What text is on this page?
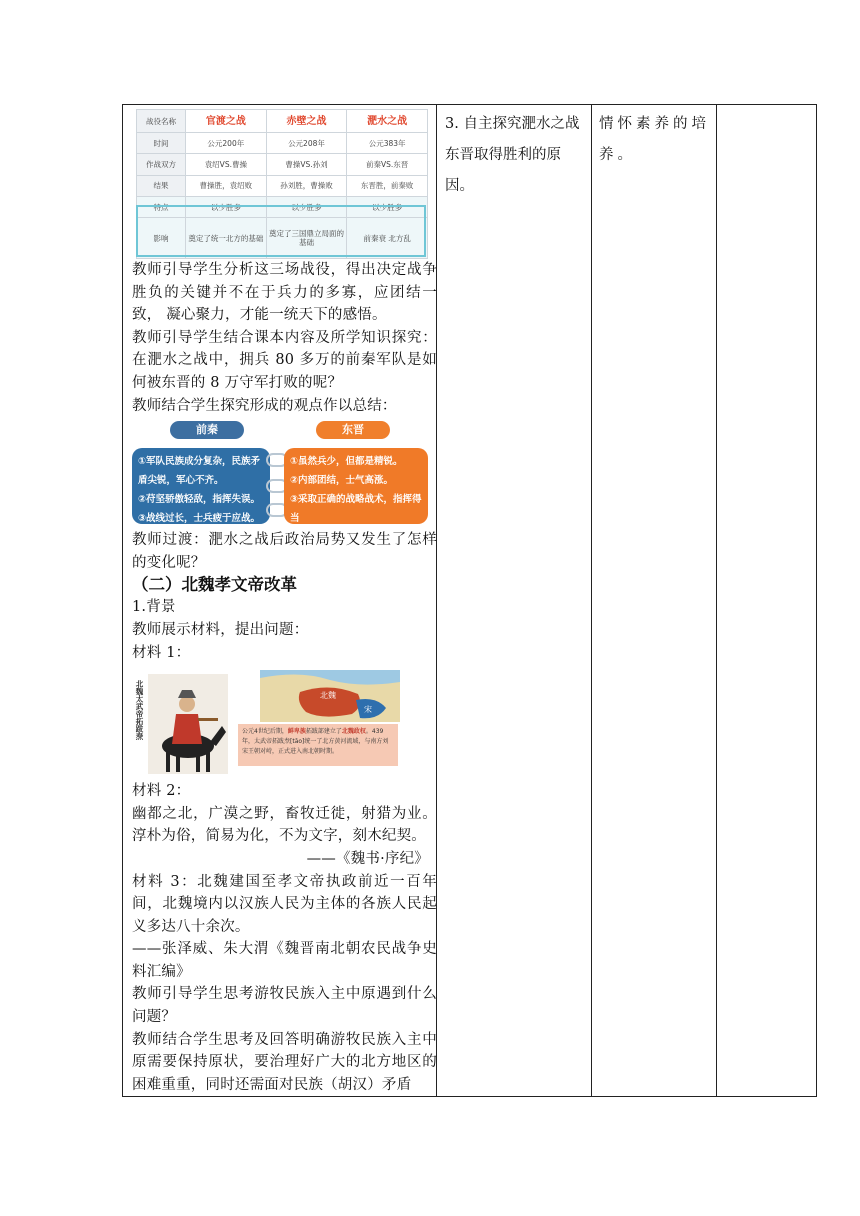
战役名称	官渡之战	赤壁之战	淝水之战
时间	公元200年	公元208年	公元383年
作战双方	袁绍VS.曹操	曹操VS.孙刘	前秦VS.东晋
结果	曹操胜，袁绍败	孙刘胜，曹操败	东晋胜，前秦败
特点	以少胜多	以少胜多	以少胜多
影响	奠定了统一北方的基础	奠定了三国鼎立局面的基础	前秦衰 北方乱

教师引导学生分析这三场战役，得出决定战争胜负的关键并不在于兵力的多寡，应团结一致， 凝心聚力，才能一统天下的感悟。

教师引导学生结合课本内容及所学知识探究：在淝水之战中，拥兵 80 多万的前秦军队是如何被东晋的 8 万守军打败的呢？

教师结合学生探究形成的观点作以总结：

前秦	东晋
①军队民族成分复杂，民族矛盾尖锐，军心不齐。
②苻坚骄傲轻敌，指挥失误。
③战线过长，士兵疲于应战。
①虽然兵少，但都是精锐。
②内部团结，士气高涨。
③采取正确的战略战术，指挥得当

教师过渡：淝水之战后政治局势又发生了怎样的变化呢？

（二）北魏孝文帝改革

1.背景

教师展示材料，提出问题：

材料 1：

北魏太武帝拓跋焘	北魏
宋
公元4世纪后期，鲜卑族拓跋部建立了北魏政权。439年，太武帝拓跋焘[tāo]统一了北方黄河流域，与南方刘宋王朝对峙，正式进入南北朝时期。

材料 2：

幽都之北，广漠之野，畜牧迁徙，射猎为业。淳朴为俗，简易为化，不为文字，刻木纪契。

——《魏书·序纪》

材料 3：北魏建国至孝文帝执政前近一百年间，北魏境内以汉族人民为主体的各族人民起义多达八十余次。

——张泽威、朱大渭《魏晋南北朝农民战争史料汇编》

教师引导学生思考游牧民族入主中原遇到什么问题？

教师结合学生思考及回答明确游牧民族入主中原需要保持原状，要治理好广大的北方地区的困难重重，同时还需面对民族（胡汉）矛盾

3. 自主探究淝水之战东晋取得胜利的原因。
情怀素养的培养。
